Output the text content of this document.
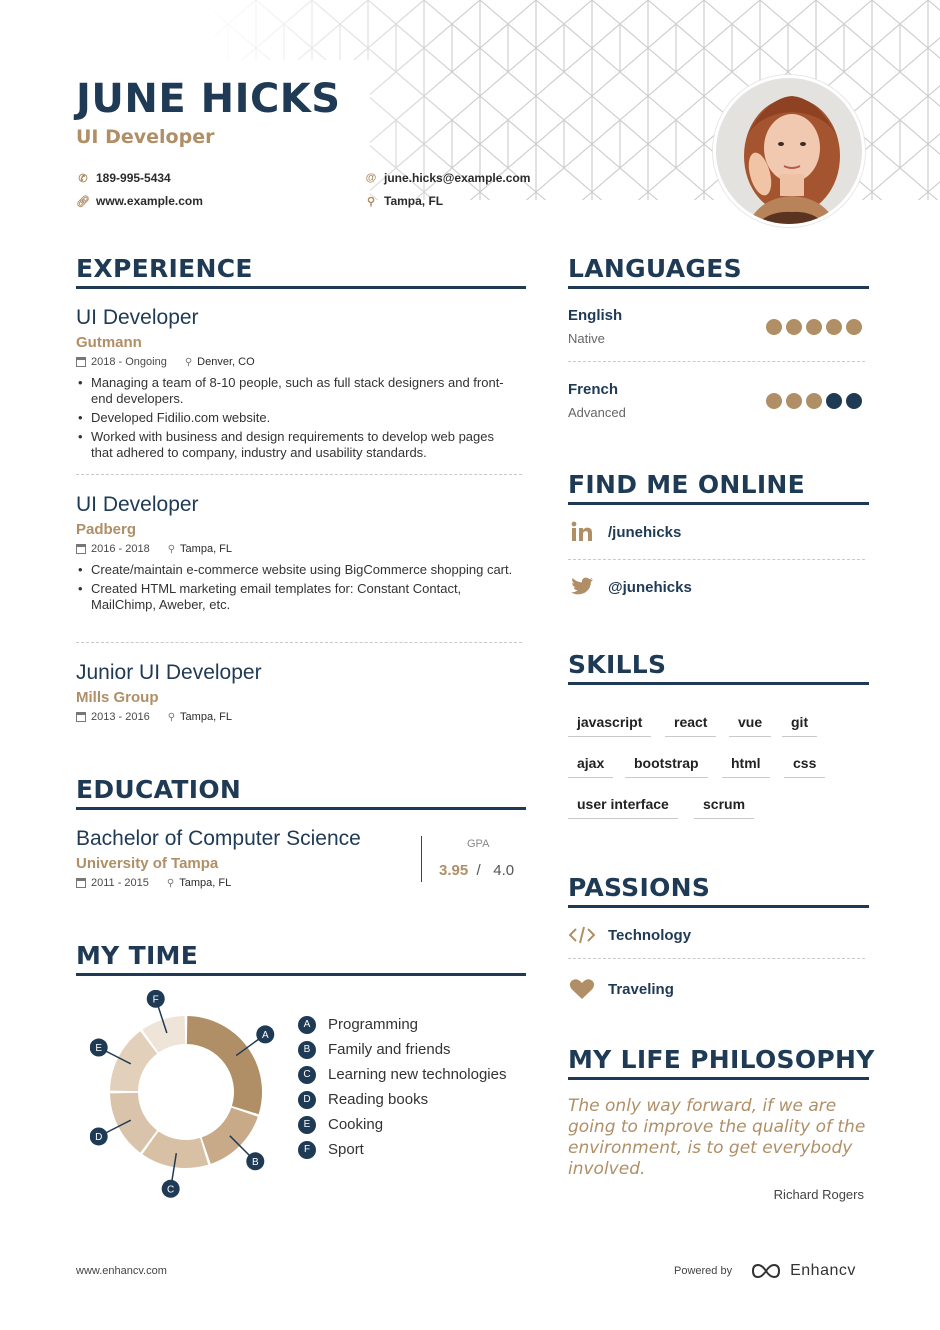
JUNE HICKS
UI Developer
✆ 189-995-5434	@ june.hicks@example.com
🔗︎ www.example.com	⚲ Tampa, FL
EXPERIENCE
UI Developer
Gutmann
2018 - Ongoing ⚲ Denver, CO
• Managing a team of 8-10 people, such as full stack designers and front-end developers.
• Developed Fidilio.com website.
• Worked with business and design requirements to develop web pages that adhered to company, industry and usability standards.
UI Developer
Padberg
2016 - 2018 ⚲ Tampa, FL
• Create/maintain e-commerce website using BigCommerce shopping cart.
• Created HTML marketing email templates for: Constant Contact, MailChimp, Aweber, etc.
Junior UI Developer
Mills Group
2013 - 2016 ⚲ Tampa, FL
EDUCATION
Bachelor of Computer Science
University of Tampa
2011 - 2015 ⚲ Tampa, FL
GPA
3.95 / 4.0
MY TIME
A
B
C
D
E
F
A	Programming
B	Family and friends
C	Learning new technologies
D	Reading books
E	Cooking
F	Sport
LANGUAGES
English
Native
French
Advanced
FIND ME ONLINE
/junehicks
@junehicks
SKILLS
javascript	react	vue	git
ajax	bootstrap	html	css
user interface	scrum
PASSIONS
Technology
Traveling
MY LIFE PHILOSOPHY
The only way forward, if we are going to improve the quality of the environment, is to get everybody involved.
Richard Rogers
www.enhancv.com	Powered by	Enhancv
